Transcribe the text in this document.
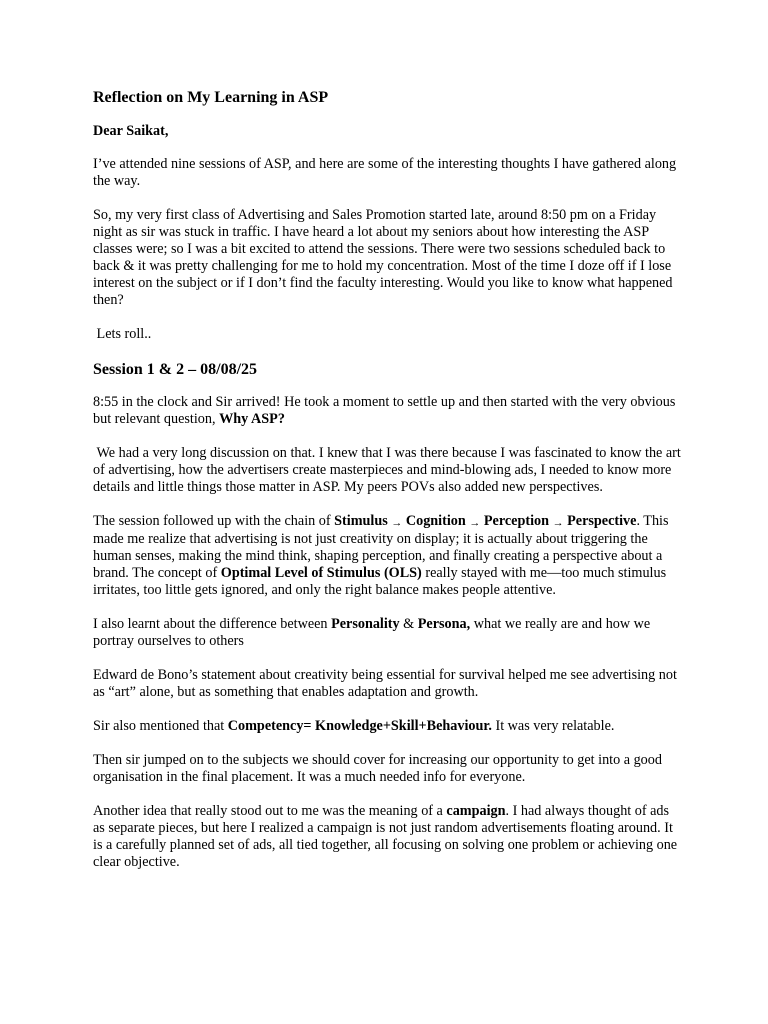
Reflection on My Learning in ASP
Dear Saikat,

I’ve attended nine sessions of ASP, and here are some of the interesting thoughts I have gathered along the way.

So, my very first class of Advertising and Sales Promotion started late, around 8:50 pm on a Friday night as sir was stuck in traffic. I have heard a lot about my seniors about how interesting the ASP classes were; so I was a bit excited to attend the sessions. There were two sessions scheduled back to back & it was pretty challenging for me to hold my concentration. Most of the time I doze off if I lose interest on the subject or if I don’t find the faculty interesting. Would you like to know what happened then?

Lets roll..

Session 1 & 2 – 08/08/25

8:55 in the clock and Sir arrived! He took a moment to settle up and then started with the very obvious but relevant question, Why ASP?

We had a very long discussion on that. I knew that I was there because I was fascinated to know the art of advertising, how the advertisers create masterpieces and mind-blowing ads, I needed to know more details and little things those matter in ASP. My peers POVs also added new perspectives.

The session followed up with the chain of Stimulus → Cognition → Perception → Perspective. This made me realize that advertising is not just creativity on display; it is actually about triggering the human senses, making the mind think, shaping perception, and finally creating a perspective about a brand. The concept of Optimal Level of Stimulus (OLS) really stayed with me—too much stimulus irritates, too little gets ignored, and only the right balance makes people attentive.

I also learnt about the difference between Personality & Persona, what we really are and how we portray ourselves to others

Edward de Bono’s statement about creativity being essential for survival helped me see advertising not as “art” alone, but as something that enables adaptation and growth.

Sir also mentioned that Competency= Knowledge+Skill+Behaviour. It was very relatable.

Then sir jumped on to the subjects we should cover for increasing our opportunity to get into a good organisation in the final placement. It was a much needed info for everyone.

Another idea that really stood out to me was the meaning of a campaign. I had always thought of ads as separate pieces, but here I realized a campaign is not just random advertisements floating around. It is a carefully planned set of ads, all tied together, all focusing on solving one problem or achieving one clear objective.
